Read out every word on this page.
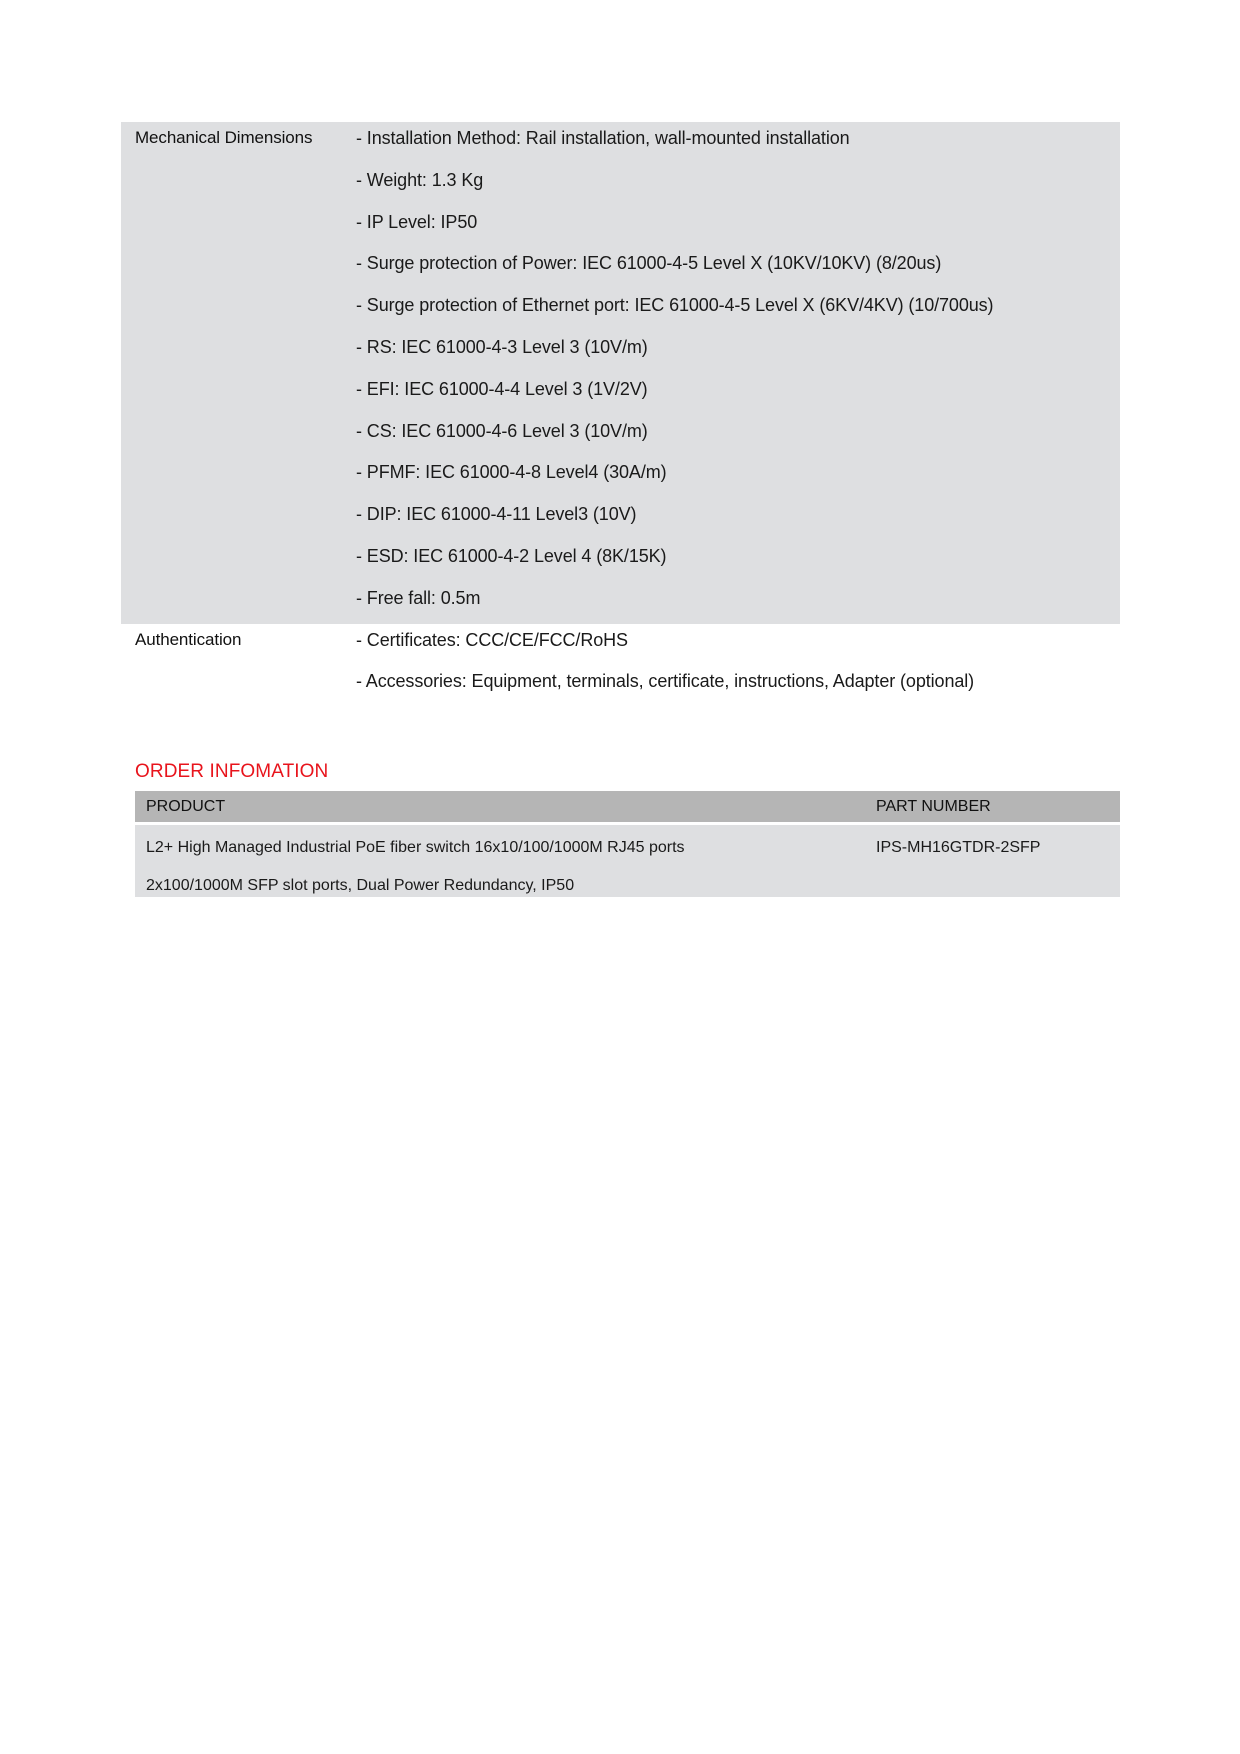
Mechanical Dimensions - Installation Method: Rail installation, wall-mounted installation
- Weight: 1.3 Kg
- IP Level: IP50
- Surge protection of Power: IEC 61000-4-5 Level X (10KV/10KV) (8/20us)
- Surge protection of Ethernet port: IEC 61000-4-5 Level X (6KV/4KV) (10/700us)
- RS: IEC 61000-4-3 Level 3 (10V/m)
- EFI: IEC 61000-4-4 Level 3 (1V/2V)
- CS: IEC 61000-4-6 Level 3 (10V/m)
- PFMF: IEC 61000-4-8 Level4 (30A/m)
- DIP: IEC 61000-4-11 Level3 (10V)
- ESD: IEC 61000-4-2 Level 4 (8K/15K)
- Free fall: 0.5m
Authentication	- Certificates: CCC/CE/FCC/RoHS
- Accessories: Equipment, terminals, certificate, instructions, Adapter (optional)
ORDER INFOMATION
PRODUCT	PART NUMBER
L2+ High Managed Industrial PoE fiber switch 16x10/100/1000M RJ45 ports
2x100/1000M SFP slot ports, Dual Power Redundancy, IP50
IPS-MH16GTDR-2SFP
